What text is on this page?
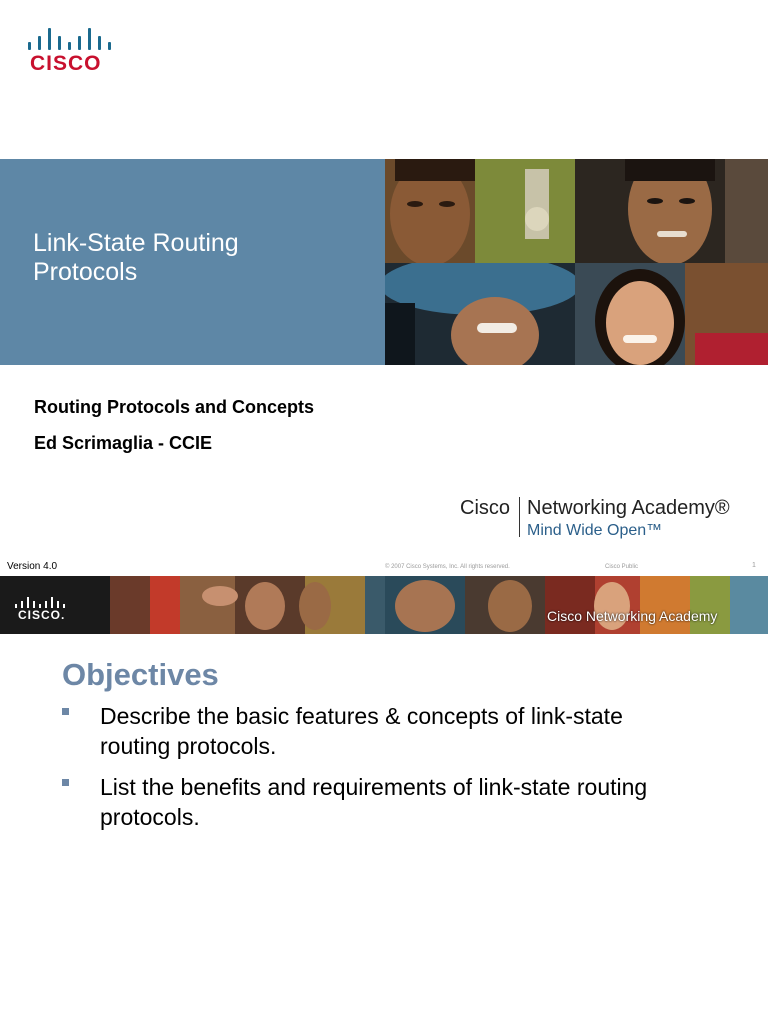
CISCO
Link-State Routing
Protocols
Routing Protocols and Concepts
Ed Scrimaglia - CCIE
Cisco Networking Academy®
Mind Wide Open™
Version 4.0	© 2007 Cisco Systems, Inc. All rights reserved.	Cisco Public	1
CISCO.	Cisco Networking Academy
Objectives
Describe the basic features & concepts of link-state
routing protocols.
List the benefits and requirements of link-state routing
protocols.
